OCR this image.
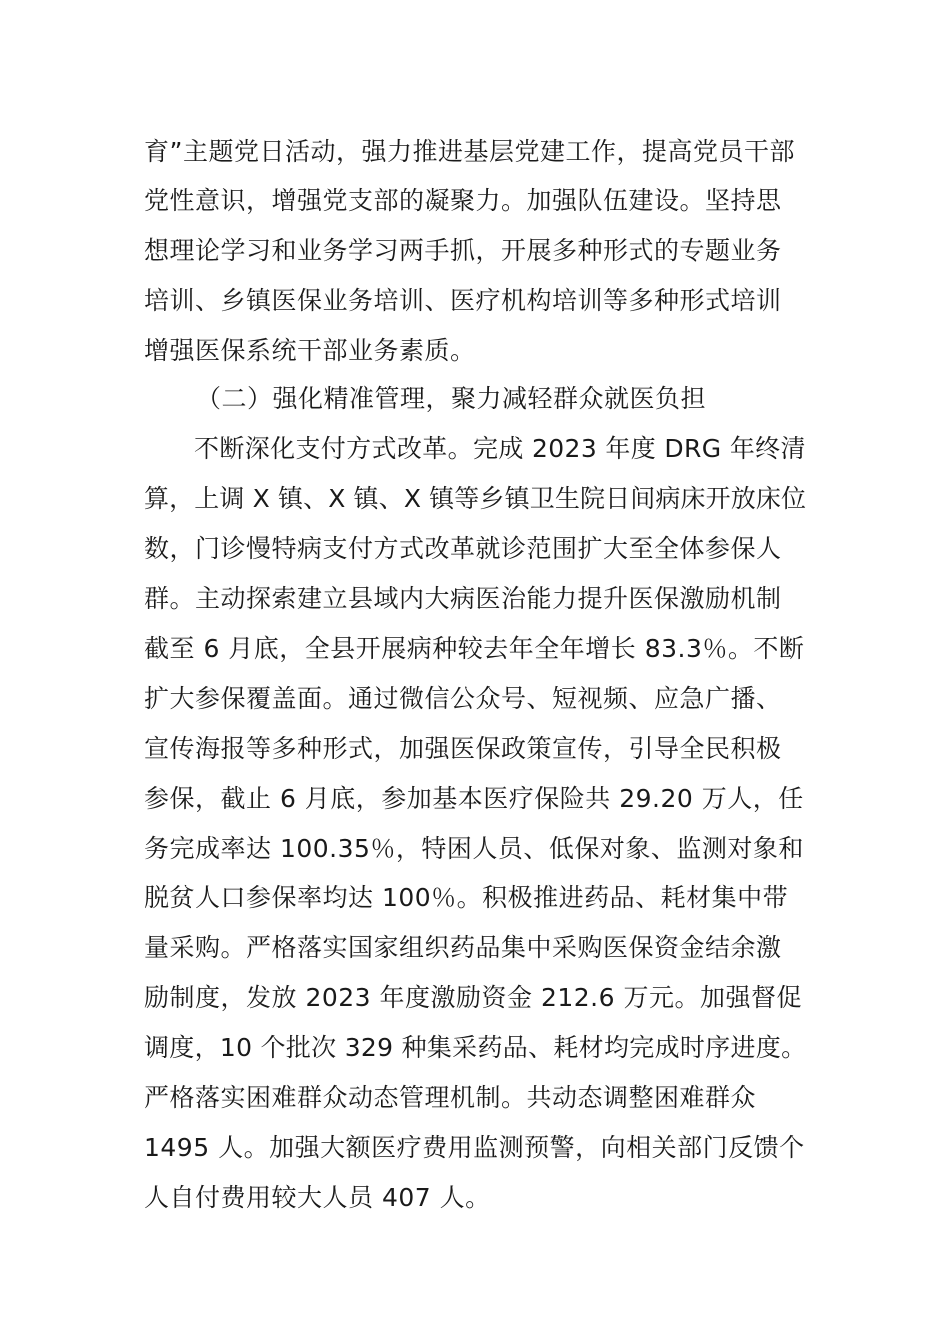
育”主题党日活动，强力推进基层党建工作，提高党员干部
党性意识，增强党支部的凝聚力。加强队伍建设。坚持思
想理论学习和业务学习两手抓，开展多种形式的专题业务
培训、乡镇医保业务培训、医疗机构培训等多种形式培训
增强医保系统干部业务素质。
（二）强化精准管理，聚力减轻群众就医负担
不断深化支付方式改革。完成 2023 年度 DRG 年终清
算，上调 X 镇、X 镇、X 镇等乡镇卫生院日间病床开放床位
数，门诊慢特病支付方式改革就诊范围扩大至全体参保人
群。主动探索建立县域内大病医治能力提升医保激励机制
截至 6 月底，全县开展病种较去年全年增长 83.3％。不断
扩大参保覆盖面。通过微信公众号、短视频、应急广播、
宣传海报等多种形式，加强医保政策宣传，引导全民积极
参保，截止 6 月底，参加基本医疗保险共 29.20 万人，任
务完成率达 100.35％，特困人员、低保对象、监测对象和
脱贫人口参保率均达 100％。积极推进药品、耗材集中带
量采购。严格落实国家组织药品集中采购医保资金结余激
励制度，发放 2023 年度激励资金 212.6 万元。加强督促
调度，10 个批次 329 种集采药品、耗材均完成时序进度。
严格落实困难群众动态管理机制。共动态调整困难群众
1495 人。加强大额医疗费用监测预警，向相关部门反馈个
人自付费用较大人员 407 人。
